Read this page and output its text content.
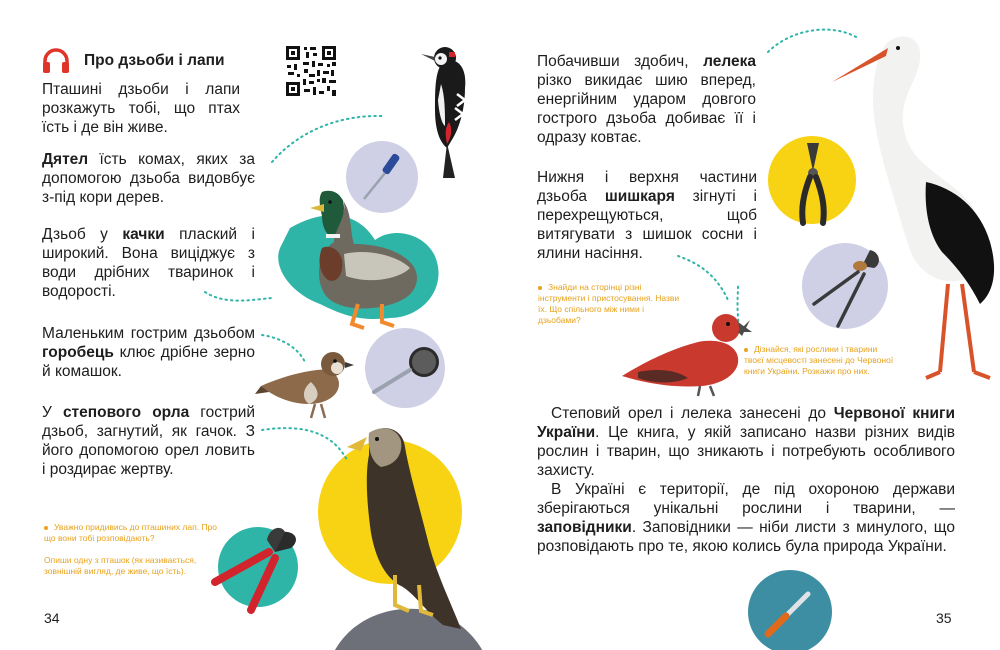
Про дзьоби і лапи
Пташині дзьоби і лапи розкажуть тобі, що птах їсть і де він живе.
Дятел їсть комах, яких за допомогою дзьоба видовбує з-під кори дерев.
Дзьоб у качки плаский і широкий. Вона виціджує з води дрібних тваринок і водорості.
Маленьким гострим дзьобом горобець клює дрібне зерно й комашок.
У степового орла гострий дзьоб, загнутий, як гачок. З його допомогою орел ловить і роздирає жертву.
Уважно придивись до пташиних лап. Про що вони тобі розповідають?
Опиши одну з пташок (як називається, зовнішній вигляд, де живе, що їсть).
34
Побачивши здобич, лелека різко викидає шию вперед, енергійним ударом довгого гострого дзьоба добиває її і одразу ковтає.
Нижня і верхня частини дзьоба шишкаря зігнуті і перехрещуються, щоб витягувати з шишок сосни і ялини насіння.
Знайди на сторінці різні інструменти і пристосування. Назви їх. Що спільного між ними і дзьобами?
Дізнайся, які рослини і тварини твоєї місцевості занесені до Червоної книги України. Розкажи про них.
Степовий орел і лелека занесені до Червоної книги України. Це книга, у якій записано назви різних видів рослин і тварин, що зникають і потребують особливого захисту.
В Україні є території, де під охороною держави зберігаються унікальні рослини і тварини, — заповідники. Заповідники — ніби листи з минулого, що розповідають про те, якою колись була природа України.
35
